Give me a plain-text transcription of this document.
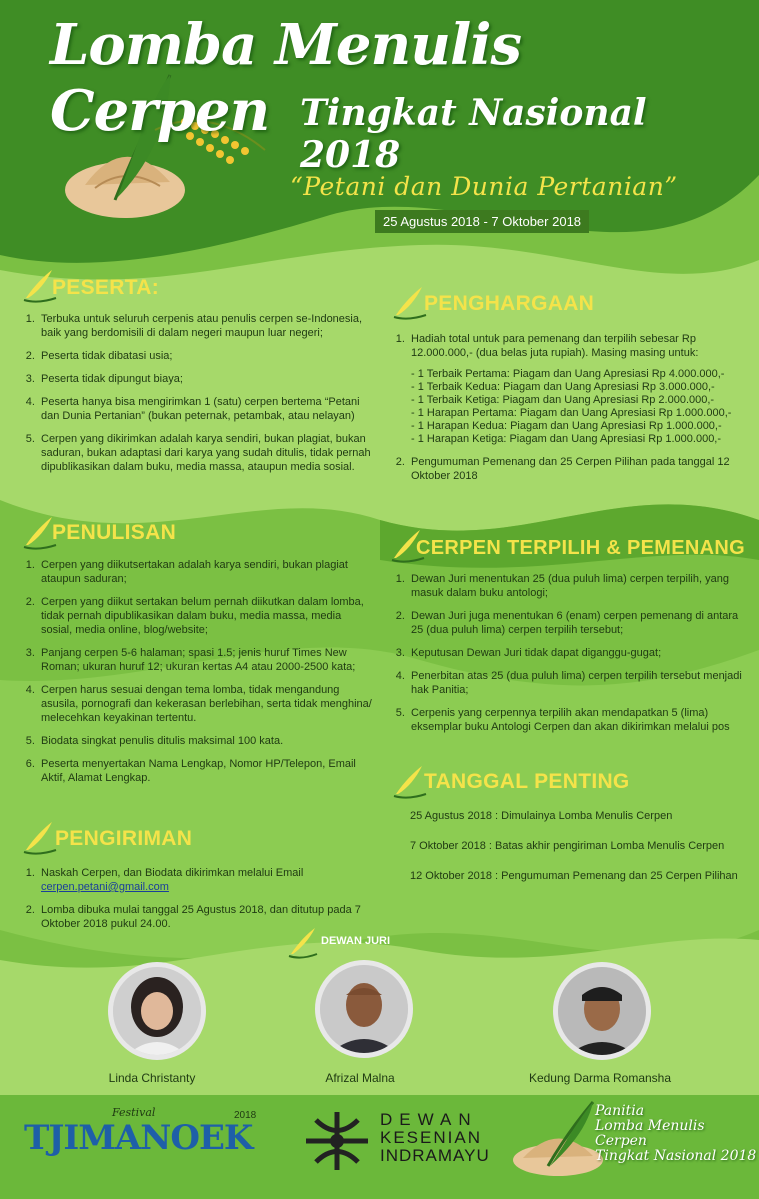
Lomba Menulis Cerpen Tingkat Nasional 2018
“Petani dan Dunia Pertanian”
25 Agustus 2018 - 7 Oktober 2018
PESERTA:
1. Terbuka untuk seluruh cerpenis atau penulis cerpen se-Indonesia, baik yang berdomisili di dalam negeri maupun luar negeri;
2. Peserta tidak dibatasi usia;
3. Peserta tidak dipungut biaya;
4. Peserta hanya bisa mengirimkan 1 (satu) cerpen bertema “Petani dan Dunia Pertanian” (bukan peternak, petambak, atau nelayan)
5. Cerpen yang dikirimkan adalah karya sendiri, bukan plagiat, bukan saduran, bukan adaptasi dari karya yang sudah ditulis, tidak pernah dipublikasikan dalam buku, media massa, ataupun media sosial.
PENULISAN
1. Cerpen yang diikutsertakan adalah karya sendiri, bukan plagiat ataupun saduran;
2. Cerpen yang diikut sertakan belum pernah diikutkan dalam lomba, tidak pernah dipublikasikan dalam buku, media massa, media sosial, media online, blog/website;
3. Panjang cerpen 5-6 halaman; spasi 1.5; jenis huruf Times New Roman; ukuran huruf 12; ukuran kertas A4 atau 2000-2500 kata;
4. Cerpen harus sesuai dengan tema lomba, tidak mengandung asusila, pornografi dan kekerasan berlebihan, serta tidak menghina/ melecehkan keyakinan tertentu.
5. Biodata singkat penulis ditulis maksimal 100 kata.
6. Peserta menyertakan Nama Lengkap, Nomor HP/Telepon, Email Aktif, Alamat Lengkap.
PENGIRIMAN
1. Naskah Cerpen, dan Biodata dikirimkan melalui Email
cerpen.petani@gmail.com
2. Lomba dibuka mulai tanggal 25 Agustus 2018, dan ditutup pada 7 Oktober 2018 pukul 24.00.
PENGHARGAAN
1. Hadiah total untuk para pemenang dan terpilih sebesar Rp 12.000.000,- (dua belas juta rupiah). Masing masing untuk:
- 1 Terbaik Pertama: Piagam dan Uang Apresiasi Rp 4.000.000,-
- 1 Terbaik Kedua: Piagam dan Uang Apresiasi Rp 3.000.000,-
- 1 Terbaik Ketiga: Piagam dan Uang Apresiasi Rp 2.000.000,-
- 1 Harapan Pertama: Piagam dan Uang Apresiasi Rp 1.000.000,-
- 1 Harapan Kedua: Piagam dan Uang Apresiasi Rp 1.000.000,-
- 1 Harapan Ketiga: Piagam dan Uang Apresiasi Rp 1.000.000,-
2. Pengumuman Pemenang dan 25 Cerpen Pilihan pada tanggal 12 Oktober 2018
CERPEN TERPILIH & PEMENANG
1. Dewan Juri menentukan 25 (dua puluh lima) cerpen terpilih, yang masuk dalam buku antologi;
2. Dewan Juri juga menentukan 6 (enam) cerpen pemenang di antara 25 (dua puluh lima) cerpen terpilih tersebut;
3. Keputusan Dewan Juri tidak dapat diganggu-gugat;
4. Penerbitan atas 25 (dua puluh lima) cerpen terpilih tersebut menjadi hak Panitia;
5. Cerpenis yang cerpennya terpilih akan mendapatkan 5 (lima) eksemplar buku Antologi Cerpen dan akan dikirimkan melalui pos
TANGGAL PENTING
25 Agustus 2018 : Dimulainya Lomba Menulis Cerpen
7 Oktober 2018 : Batas akhir pengiriman Lomba Menulis Cerpen
12 Oktober 2018 : Pengumuman Pemenang dan 25 Cerpen Pilihan
DEWAN JURI
Linda Christanty	Afrizal Malna	Kedung Darma Romansha
Festival	2018
TJIMANOEK	DEWAN
KESENIAN
INDRAMAYU
Panitia
Lomba Menulis Cerpen
Tingkat Nasional 2018
